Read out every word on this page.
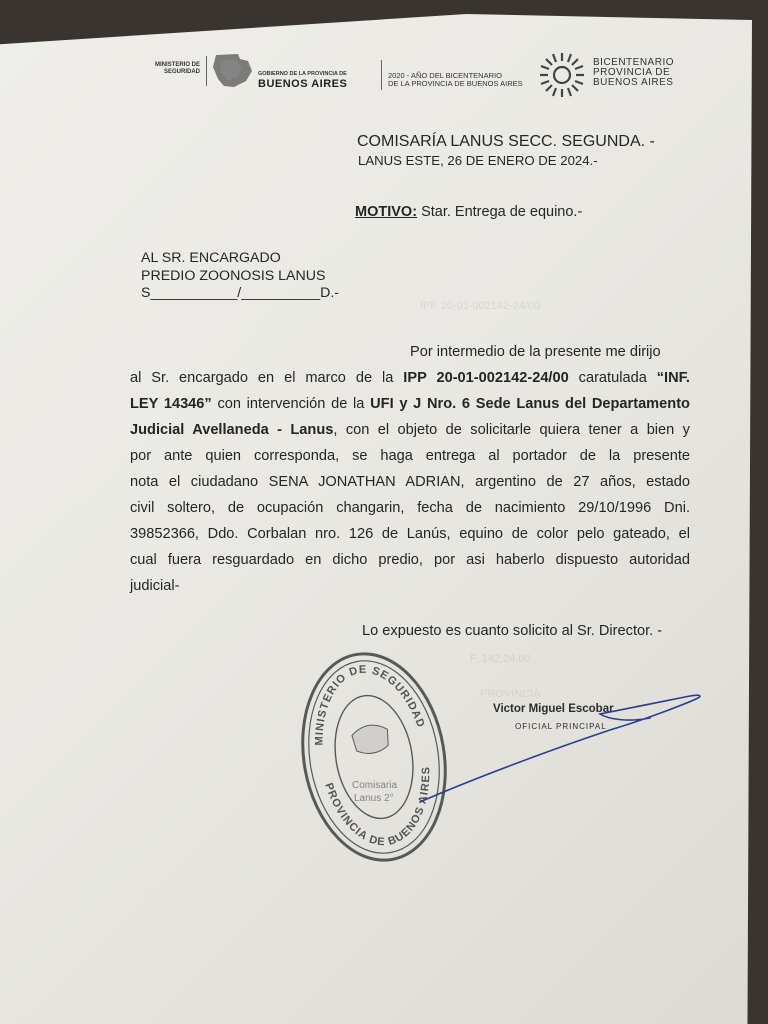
MINISTERIO DE
SEGURIDAD	GOBIERNO DE LA PROVINCIA DE
BUENOS AIRES
2020 - AÑO DEL BICENTENARIO
DE LA PROVINCIA DE BUENOS AIRES
BICENTENARIO
PROVINCIA DE
BUENOS AIRES
COMISARÍA LANUS SECC. SEGUNDA. -
LANUS ESTE, 26 DE ENERO DE 2024.-
MOTIVO: Star. Entrega de equino.-
AL SR. ENCARGADO
PREDIO ZOONOSIS LANUS
S___________/__________D.-
IPP 20-01-002142-24/00
F. 142.24.00
PROVINCIA
Por intermedio de la presente me dirijo
al Sr. encargado en el marco de la IPP 20-01-002142-24/00 caratulada “INF.
LEY 14346” con intervención de la UFI y J Nro. 6 Sede Lanus del Departamento
Judicial Avellaneda - Lanus, con el objeto de solicitarle quiera tener a bien y
por ante quien corresponda, se haga entrega al portador de la presente
nota el ciudadano SENA JONATHAN ADRIAN, argentino de 27 años, estado
civil soltero, de ocupación changarin, fecha de nacimiento 29/10/1996 Dni.
39852366, Ddo. Corbalan nro. 126 de Lanús, equino de color pelo gateado, el
cual fuera resguardado en dicho predio, por asi haberlo dispuesto autoridad
judicial-
Lo expuesto es cuanto solicito al Sr. Director. -
MINISTERIO DE SEGURIDAD
PROVINCIA DE BUENOS AIRES
Comisaria
Lanus 2°
Victor Miguel Escobar
OFICIAL PRINCIPAL
